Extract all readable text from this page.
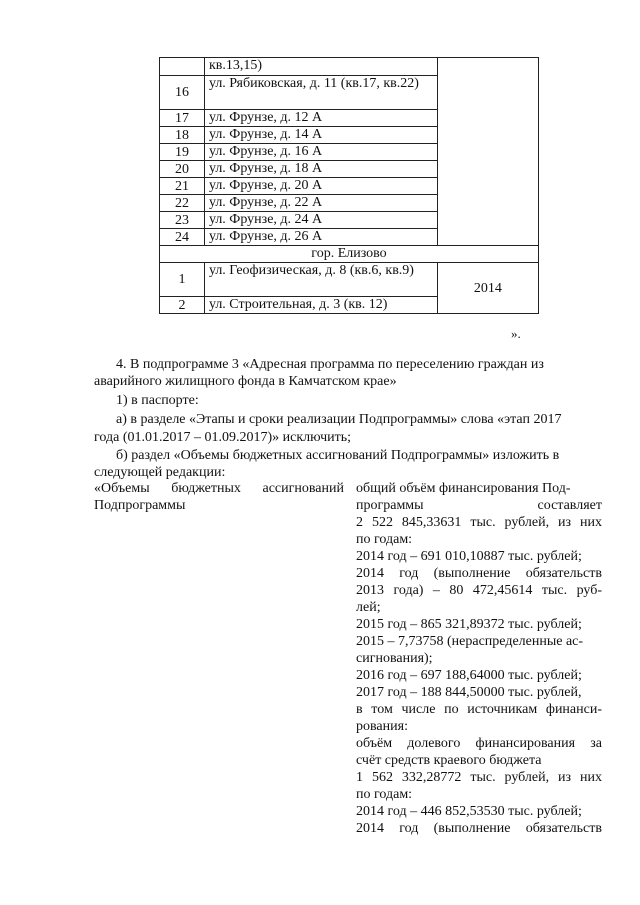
	кв.13,15)	
16	ул. Рябиковская, д. 11 (кв.17, кв.22)	
17	ул. Фрунзе, д. 12 А	
18	ул. Фрунзе, д. 14 А	
19	ул. Фрунзе, д. 16 А	
20	ул. Фрунзе, д. 18 А	
21	ул. Фрунзе, д. 20 А	
22	ул. Фрунзе, д. 22 А	
23	ул. Фрунзе, д. 24 А	
24	ул. Фрунзе, д. 26 А	
гор. Елизово		
1	ул. Геофизическая, д. 8 (кв.6, кв.9)	2014
2	ул. Строительная, д. 3 (кв. 12)	
».
4. В подпрограмме 3 «Адресная программа по переселению граждан из
аварийного жилищного фонда в Камчатском крае»
1) в паспорте:
а) в разделе «Этапы и сроки реализации Подпрограммы» слова «этап 2017
года (01.01.2017 – 01.09.2017)» исключить;
б) раздел «Объемы бюджетных ассигнований Подпрограммы» изложить в
следующей редакции:
«Объемы бюджетных ассигнований
Подпрограммы
общий объём финансирования Под-
программы составляет
2 522 845,33631 тыс. рублей, из них
по годам:
2014 год – 691 010,10887 тыс. рублей;
2014 год (выполнение обязательств
2013 года) – 80 472,45614 тыс. руб-
лей;
2015 год – 865 321,89372 тыс. рублей;
2015 – 7,73758 (нераспределенные ас-
сигнования);
2016 год – 697 188,64000 тыс. рублей;
2017 год – 188 844,50000 тыс. рублей,
в том числе по источникам финанси-
рования:
объём долевого финансирования за
счёт средств краевого бюджета
1 562 332,28772 тыс. рублей, из них
по годам:
2014 год – 446 852,53530 тыс. рублей;
2014 год (выполнение обязательств
